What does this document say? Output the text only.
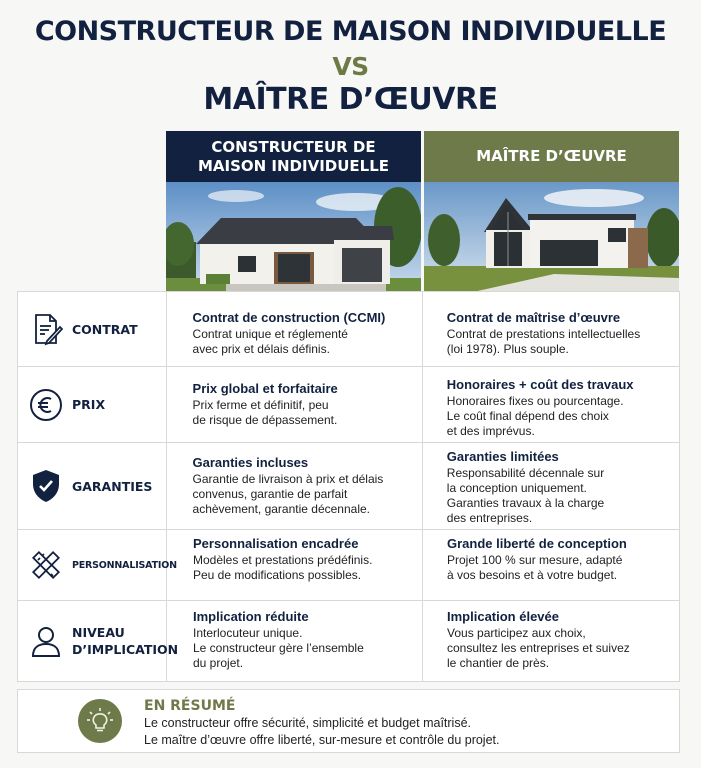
CONSTRUCTEUR DE MAISON INDIVIDUELLE
VS
MAÎTRE D’ŒUVRE
CONSTRUCTEUR DE
MAISON INDIVIDUELLE
MAÎTRE D’ŒUVRE
CONTRAT
Contrat de construction (CCMI)
Contrat unique et réglementé
avec prix et délais définis.
Contrat de maîtrise d’œuvre
Contrat de prestations intellectuelles
(loi 1978). Plus souple.
PRIX
Prix global et forfaitaire
Prix ferme et définitif, peu
de risque de dépassement.
Honoraires + coût des travaux
Honoraires fixes ou pourcentage.
Le coût final dépend des choix
et des imprévus.
GARANTIES
Garanties incluses
Garantie de livraison à prix et délais
convenus, garantie de parfait
achèvement, garantie décennale.
Garanties limitées
Responsabilité décennale sur
la conception uniquement.
Garanties travaux à la charge
des entreprises.
PERSONNALISATION
Personnalisation encadrée
Modèles et prestations prédéfinis.
Peu de modifications possibles.
Grande liberté de conception
Projet 100 % sur mesure, adapté
à vos besoins et à votre budget.
NIVEAU
D’IMPLICATION
Implication réduite
Interlocuteur unique.
Le constructeur gère l’ensemble
du projet.
Implication élevée
Vous participez aux choix,
consultez les entreprises et suivez
le chantier de près.
EN RÉSUMÉ
Le constructeur offre sécurité, simplicité et budget maîtrisé.
Le maître d’œuvre offre liberté, sur-mesure et contrôle du projet.
